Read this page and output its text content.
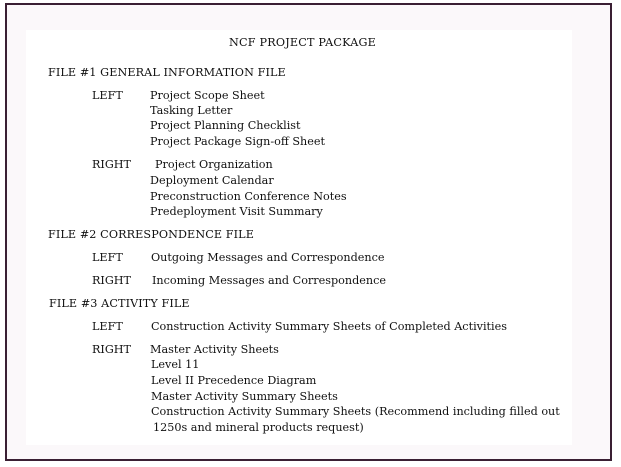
NCF PROJECT PACKAGE
FILE #1 GENERAL INFORMATION FILE
LEFT Project Scope Sheet
Tasking Letter
Project Planning Checklist
Project Package Sign-off Sheet
RIGHT Project Organization
Deployment Calendar
Preconstruction Conference Notes
Predeployment Visit Summary
FILE #2 CORRESPONDENCE FILE
LEFT	Outgoing Messages and Correspondence
RIGHT Incoming Messages and Correspondence
FILE #3 ACTIVITY FILE
LEFT	Construction Activity Summary Sheets of Completed Activities
RIGHT Master Activity Sheets
Level 11
Level II Precedence Diagram
Master Activity Summary Sheets
Construction Activity Summary Sheets (Recommend including filled out
1250s and mineral products request)
